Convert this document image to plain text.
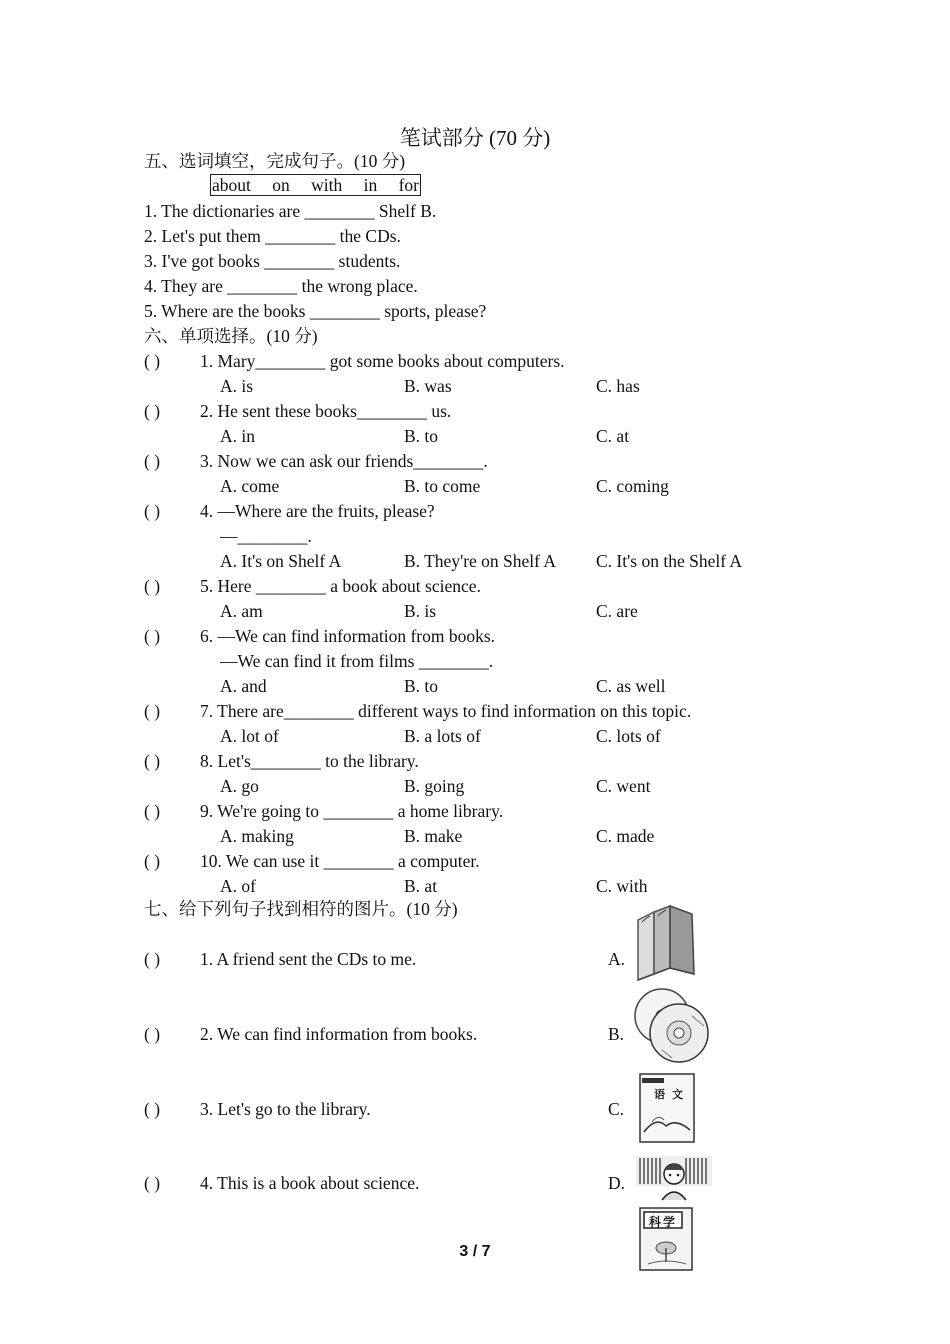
笔试部分 (70 分)
五、选词填空，完成句子。(10 分)
about on with in for
1. The dictionaries are ________ Shelf B.
2. Let's put them ________ the CDs.
3. I've got books ________ students.
4. They are ________ the wrong place.
5. Where are the books ________ sports, please?
六、单项选择。(10 分)
( ) 1. Mary________ got some books about computers.
A. is	B. was	C. has
( ) 2. He sent these books________ us.
A. in	B. to	C. at
( ) 3. Now we can ask our friends________.
A. come	B. to come	C. coming
( ) 4. —Where are the fruits, please?
—________.
A. It's on Shelf A	B. They're on Shelf A C. It's on the Shelf A
( ) 5. Here ________ a book about science.
A. am	B. is	C. are
( ) 6. —We can find information from books.
—We can find it from films ________.
A. and	B. to	C. as well
( ) 7. There are________ different ways to find information on this topic.
A. lot of	B. a lots of	C. lots of
( ) 8. Let's________ to the library.
A. go	B. going	C. went
( ) 9. We're going to ________ a home library.
A. making	B. make	C. made
( ) 10. We can use it ________ a computer.
A. of	B. at	C. with
七、给下列句子找到相符的图片。(10 分)
( ) 1. A friend sent the CDs to me.	A.
( ) 2. We can find information from books.	B.
( ) 3. Let's go to the library.	C.
( ) 4. This is a book about science.	D.
语 文
科学
3 / 7
